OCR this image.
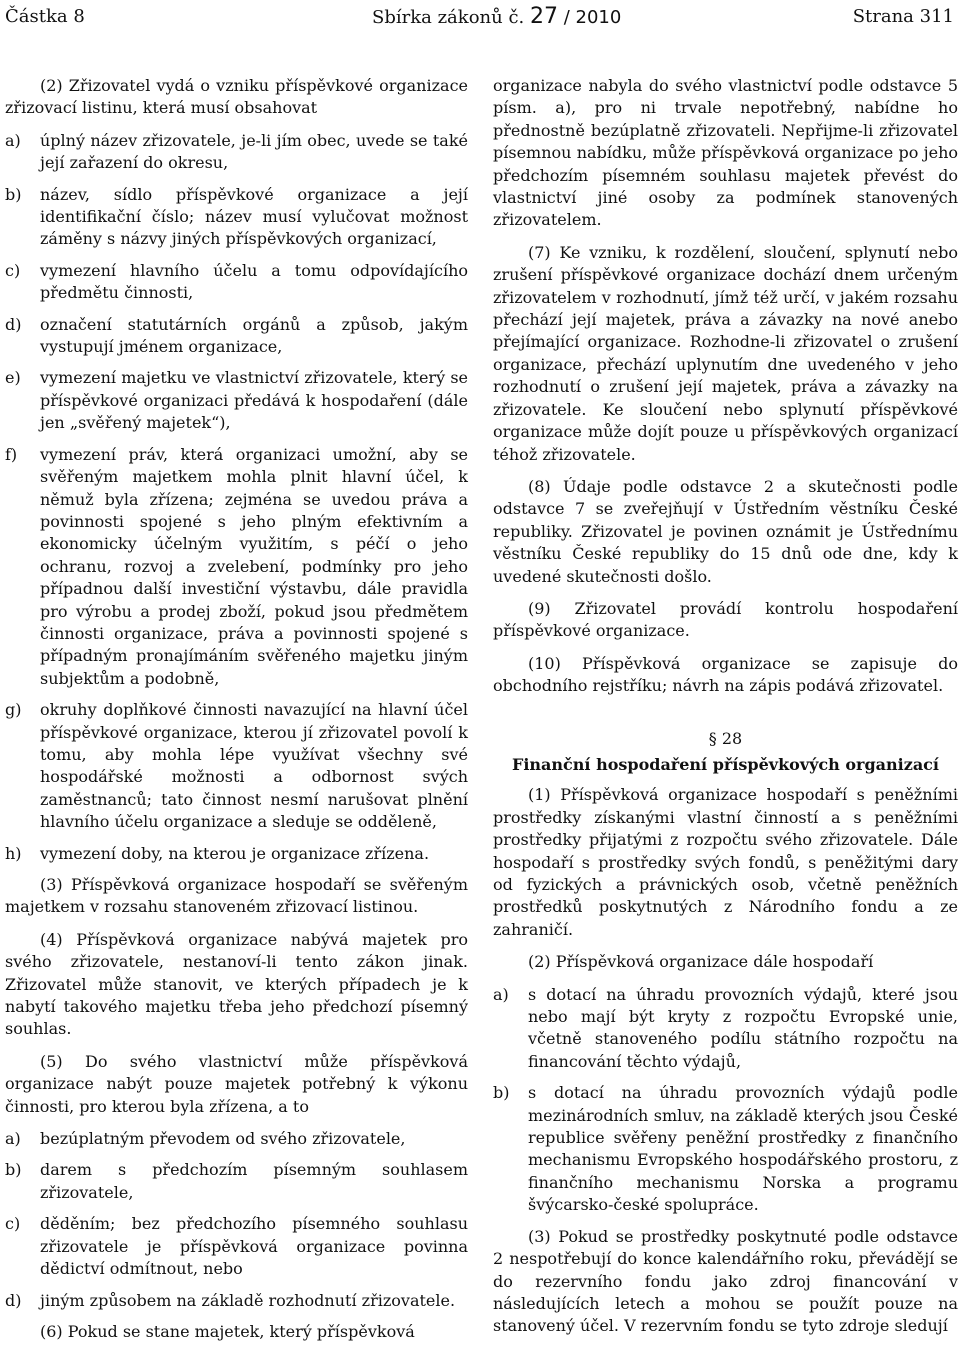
Částka 8	Sbírka zákonů č. 27 / 2010	Strana 311

(2) Zřizovatel vydá o vzniku příspěvkové organizace zřizovací listinu, která musí obsahovat

a)	úplný název zřizovatele, je-li jím obec, uvede se také její zařazení do okresu,
b)	název, sídlo příspěvkové organizace a její identifikační číslo; název musí vylučovat možnost záměny s názvy jiných příspěvkových organizací,
c)	vymezení hlavního účelu a tomu odpovídajícího předmětu činnosti,
d)	označení statutárních orgánů a způsob, jakým vystupují jménem organizace,
e)	vymezení majetku ve vlastnictví zřizovatele, který se příspěvkové organizaci předává k hospodaření (dále jen „svěřený majetek“),
f)	vymezení práv, která organizaci umožní, aby se svěřeným majetkem mohla plnit hlavní účel, k němuž byla zřízena; zejména se uvedou práva a povinnosti spojené s jeho plným efektivním a ekonomicky účelným využitím, s péčí o jeho ochranu, rozvoj a zvelebení, podmínky pro jeho případnou další investiční výstavbu, dále pravidla pro výrobu a prodej zboží, pokud jsou předmětem činnosti organizace, práva a povinnosti spojené s případným pronajímáním svěřeného majetku jiným subjektům a podobně,
g)	okruhy doplňkové činnosti navazující na hlavní účel příspěvkové organizace, kterou jí zřizovatel povolí k tomu, aby mohla lépe využívat všechny své hospodářské možnosti a odbornost svých zaměstnanců; tato činnost nesmí narušovat plnění hlavního účelu organizace a sleduje se odděleně,
h)	vymezení doby, na kterou je organizace zřízena.

(3) Příspěvková organizace hospodaří se svěřeným majetkem v rozsahu stanoveném zřizovací listinou.

(4) Příspěvková organizace nabývá majetek pro svého zřizovatele, nestanoví-li tento zákon jinak. Zřizovatel může stanovit, ve kterých případech je k nabytí takového majetku třeba jeho předchozí písemný souhlas.

(5) Do svého vlastnictví může příspěvková organizace nabýt pouze majetek potřebný k výkonu činnosti, pro kterou byla zřízena, a to

a)	bezúplatným převodem od svého zřizovatele,
b)	darem s předchozím písemným souhlasem zřizovatele,
c)	děděním; bez předchozího písemného souhlasu zřizovatele je příspěvková organizace povinna dědictví odmítnout, nebo
d)	jiným způsobem na základě rozhodnutí zřizovatele.

(6) Pokud se stane majetek, který příspěvková

organizace nabyla do svého vlastnictví podle odstavce 5 písm. a), pro ni trvale nepotřebný, nabídne ho přednostně bezúplatně zřizovateli. Nepřijme-li zřizovatel písemnou nabídku, může příspěvková organizace po jeho předchozím písemném souhlasu majetek převést do vlastnictví jiné osoby za podmínek stanovených zřizovatelem.

(7) Ke vzniku, k rozdělení, sloučení, splynutí nebo zrušení příspěvkové organizace dochází dnem určeným zřizovatelem v rozhodnutí, jímž též určí, v jakém rozsahu přechází její majetek, práva a závazky na nové anebo přejímající organizace. Rozhodne-li zřizovatel o zrušení organizace, přechází uplynutím dne uvedeného v jeho rozhodnutí o zrušení její majetek, práva a závazky na zřizovatele. Ke sloučení nebo splynutí příspěvkové organizace může dojít pouze u příspěvkových organizací téhož zřizovatele.

(8) Údaje podle odstavce 2 a skutečnosti podle odstavce 7 se zveřejňují v Ústředním věstníku České republiky. Zřizovatel je povinen oznámit je Ústřednímu věstníku České republiky do 15 dnů ode dne, kdy k uvedené skutečnosti došlo.

(9) Zřizovatel provádí kontrolu hospodaření příspěvkové organizace.

(10) Příspěvková organizace se zapisuje do obchodního rejstříku; návrh na zápis podává zřizovatel.

§ 28
Finanční hospodaření příspěvkových organizací

(1) Příspěvková organizace hospodaří s peněžními prostředky získanými vlastní činností a s peněžními prostředky přijatými z rozpočtu svého zřizovatele. Dále hospodaří s prostředky svých fondů, s peněžitými dary od fyzických a právnických osob, včetně peněžních prostředků poskytnutých z Národního fondu a ze zahraničí.

(2) Příspěvková organizace dále hospodaří

a)	s dotací na úhradu provozních výdajů, které jsou nebo mají být kryty z rozpočtu Evropské unie, včetně stanoveného podílu státního rozpočtu na financování těchto výdajů,
b)	s dotací na úhradu provozních výdajů podle mezinárodních smluv, na základě kterých jsou České republice svěřeny peněžní prostředky z finančního mechanismu Evropského hospodářského prostoru, z finančního mechanismu Norska a programu švýcarsko-české spolupráce.

(3) Pokud se prostředky poskytnuté podle odstavce 2 nespotřebují do konce kalendářního roku, převádějí se do rezervního fondu jako zdroj financování v následujících letech a mohou se použít pouze na stanovený účel. V rezervním fondu se tyto zdroje sledují
